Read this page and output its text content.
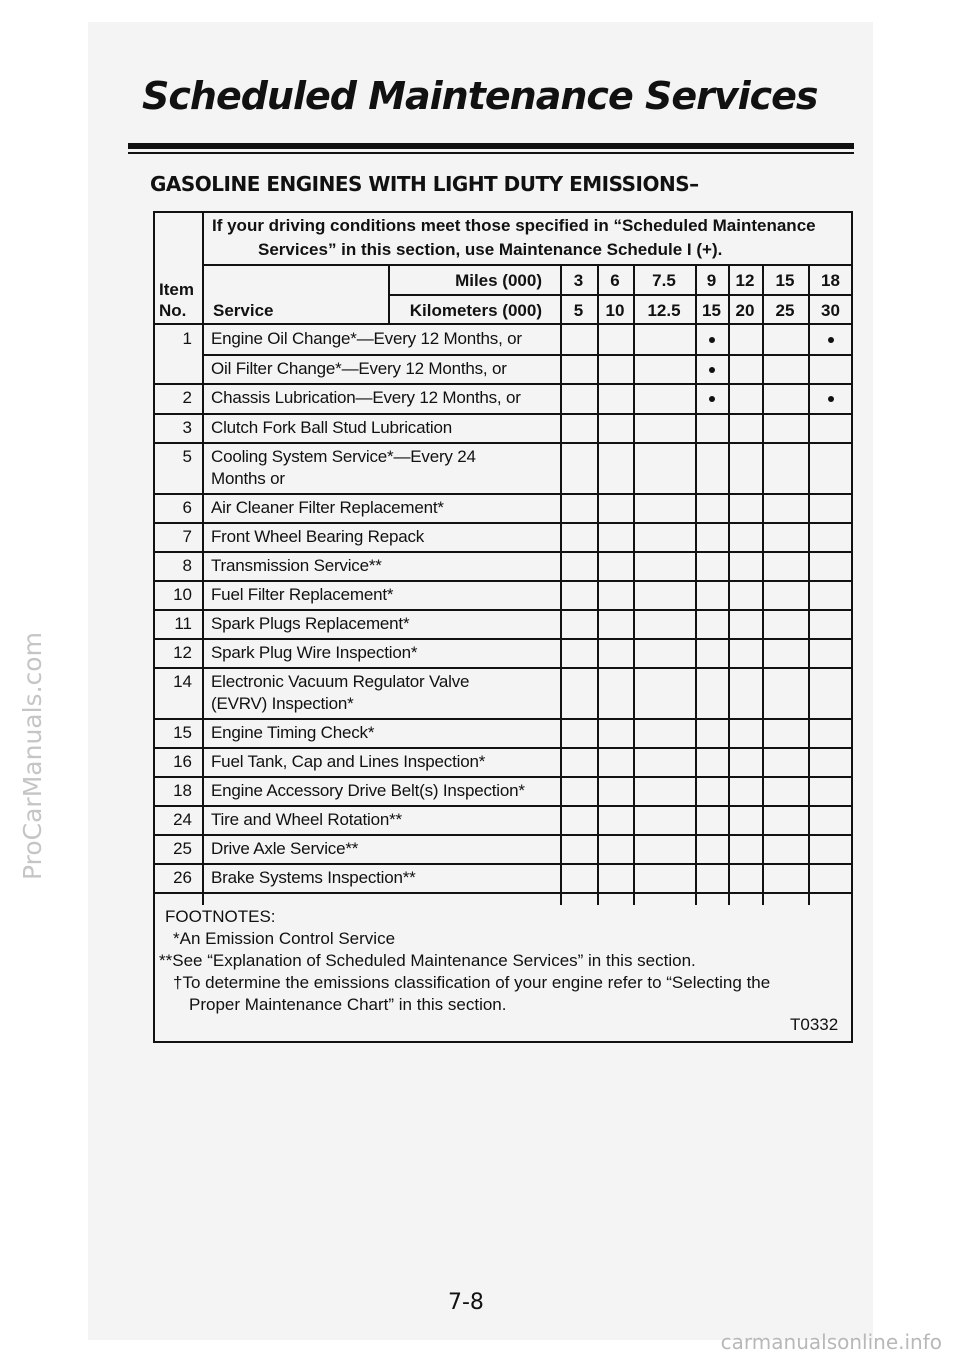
ProCarManuals.com
carmanualsonline.info
Scheduled Maintenance Services
GASOLINE ENGINES WITH LIGHT DUTY EMISSIONS–
If your driving conditions meet those specified in “Scheduled Maintenance
Services” in this section, use Maintenance Schedule I (+).
Item
No. Service
Miles (000)
Kilometers (000)
3
5
6
10
7.5
12.5
9
15
12
20
15
25
18
30
1 Engine Oil Change*—Every 12 Months, or
Oil Filter Change*—Every 12 Months, or
2 Chassis Lubrication—Every 12 Months, or
3 Clutch Fork Ball Stud Lubrication
5 Cooling System Service*—Every 24
Months or
6 Air Cleaner Filter Replacement*
7 Front Wheel Bearing Repack
8 Transmission Service**
10 Fuel Filter Replacement*
11 Spark Plugs Replacement*
12 Spark Plug Wire Inspection*
14 Electronic Vacuum Regulator Valve
(EVRV) Inspection*
15 Engine Timing Check*
16 Fuel Tank, Cap and Lines Inspection*
18 Engine Accessory Drive Belt(s) Inspection*
24 Tire and Wheel Rotation**
25 Drive Axle Service**
26 Brake Systems Inspection**
FOOTNOTES:
*An Emission Control Service
**See “Explanation of Scheduled Maintenance Services” in this section.
†To determine the emissions classification of your engine refer to “Selecting the
Proper Maintenance Chart” in this section.
T0332
7-8
